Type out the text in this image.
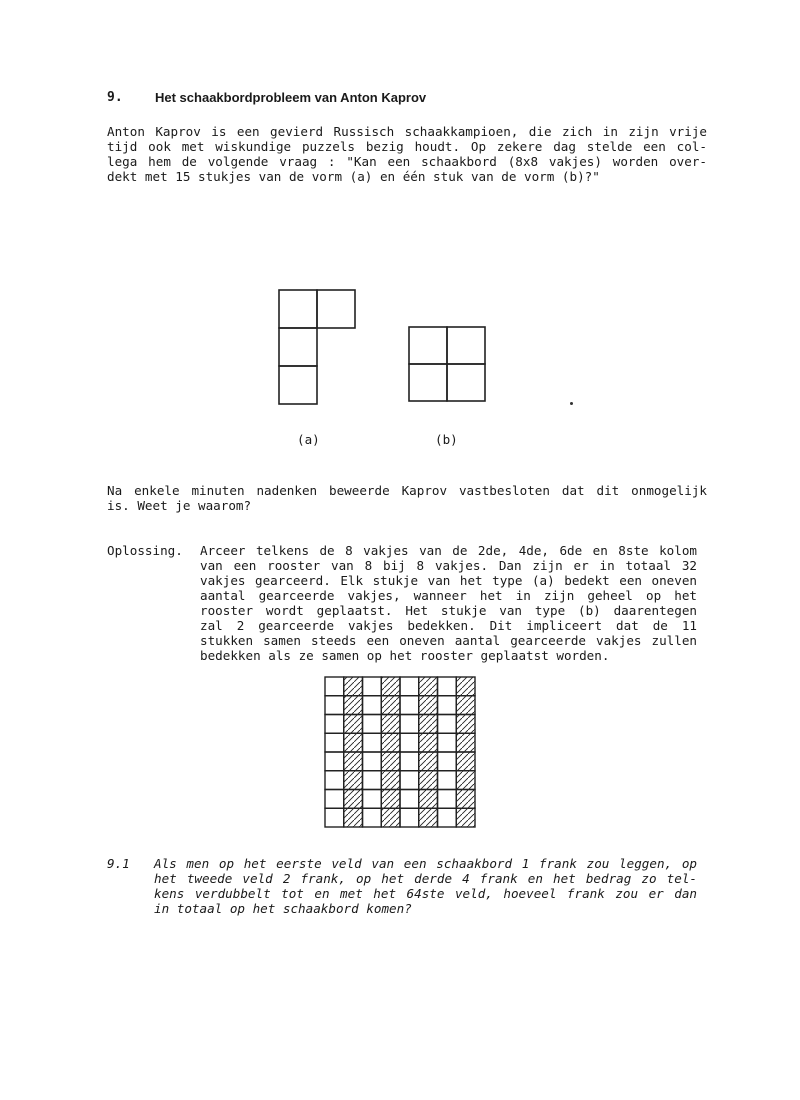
9. Het schaakbordprobleem van Anton Kaprov
Anton Kaprov is een gevierd Russisch schaakkampioen, die zich in zijn vrije
tijd ook met wiskundige puzzels bezig houdt. Op zekere dag stelde een col-
lega hem de volgende vraag : "Kan een schaakbord (8x8 vakjes) worden over-
dekt met 15 stukjes van de vorm (a) en één stuk van de vorm (b)?"
(a)	(b)
Na enkele minuten nadenken beweerde Kaprov vastbesloten dat dit onmogelijk
is. Weet je waarom?
Oplossing. Arceer telkens de 8 vakjes van de 2de, 4de, 6de en 8ste kolom
van een rooster van 8 bij 8 vakjes. Dan zijn er in totaal 32
vakjes gearceerd. Elk stukje van het type (a) bedekt een oneven
aantal gearceerde vakjes, wanneer het in zijn geheel op het
rooster wordt geplaatst. Het stukje van type (b) daarentegen
zal 2 gearceerde vakjes bedekken. Dit impliceert dat de 11
stukken samen steeds een oneven aantal gearceerde vakjes zullen
bedekken als ze samen op het rooster geplaatst worden.
9.1 Als men op het eerste veld van een schaakbord 1 frank zou leggen, op
het tweede veld 2 frank, op het derde 4 frank en het bedrag zo tel-
kens verdubbelt tot en met het 64ste veld, hoeveel frank zou er dan
in totaal op het schaakbord komen?
